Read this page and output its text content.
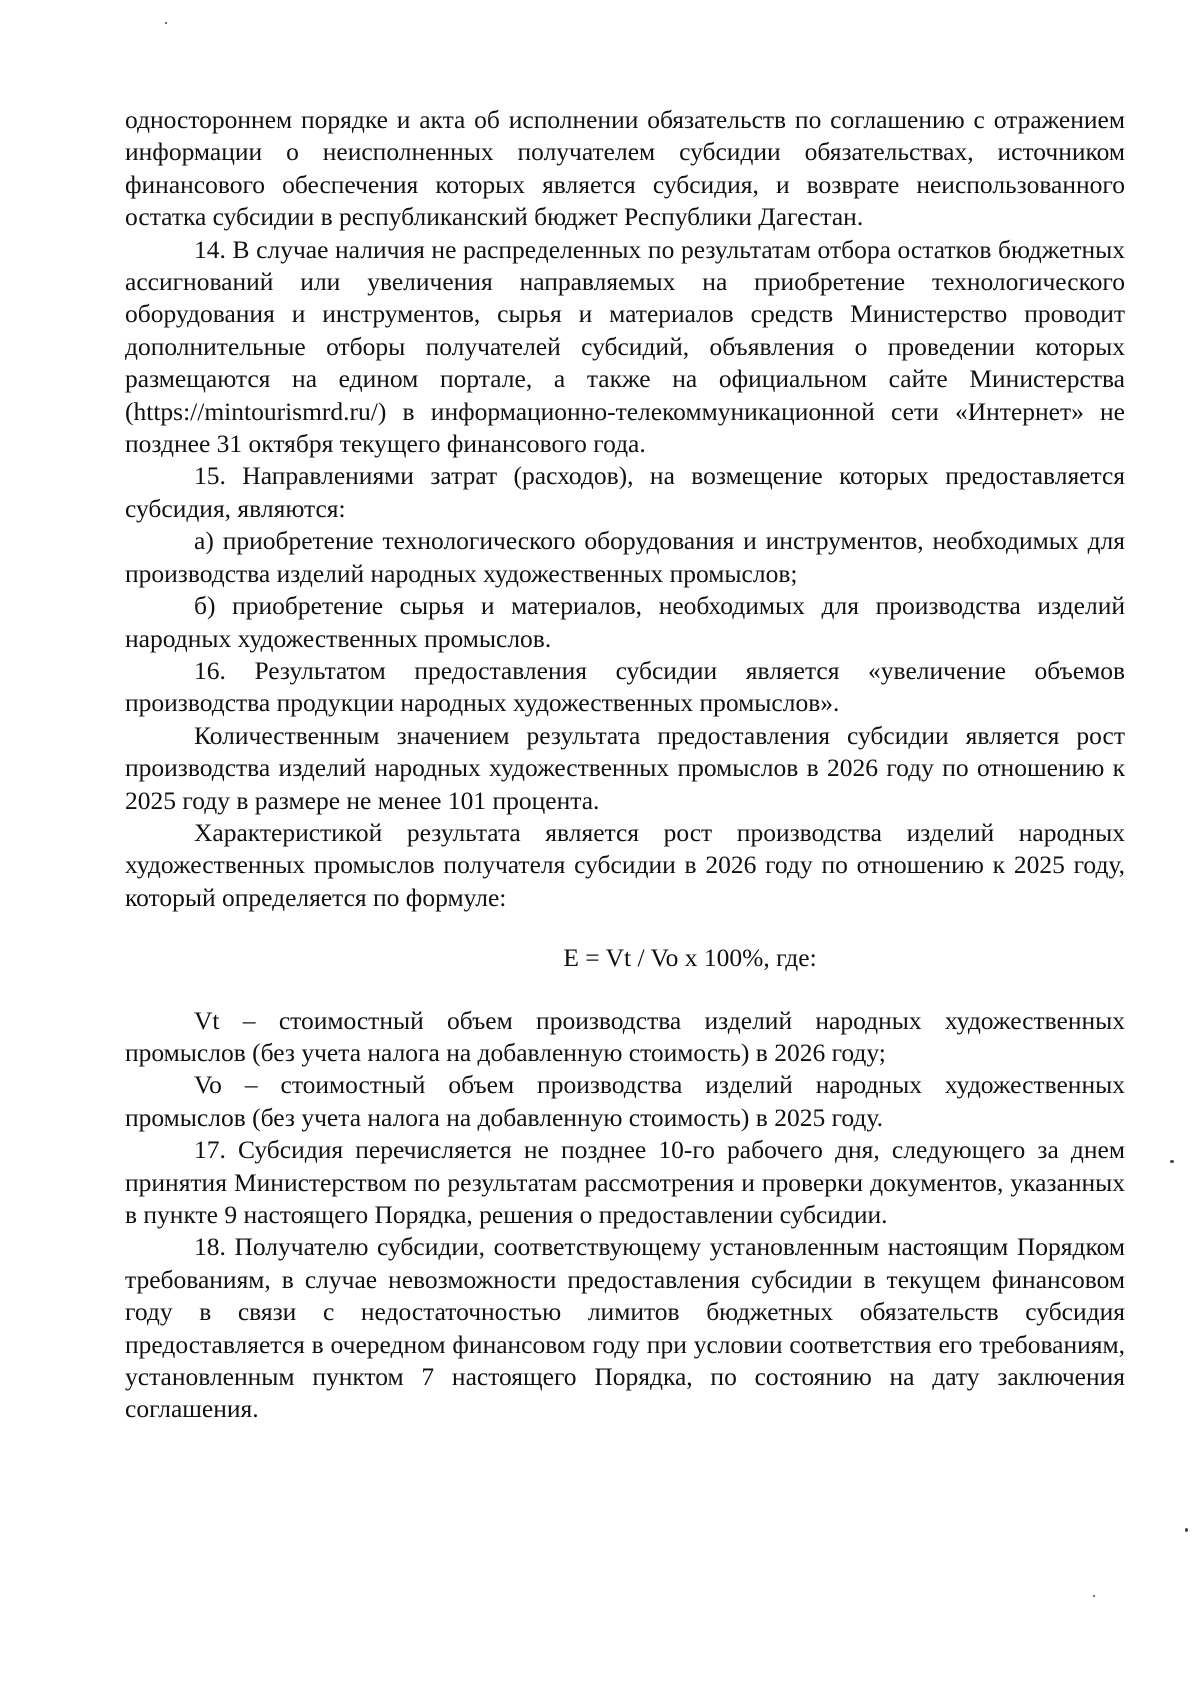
одностороннем порядке и акта об исполнении обязательств по соглашению с отражением информации о неисполненных получателем субсидии обязательствах, источником финансового обеспечения которых является субсидия, и возврате неиспользованного остатка субсидии в республиканский бюджет Республики Дагестан.

14. В случае наличия не распределенных по результатам отбора остатков бюджетных ассигнований или увеличения направляемых на приобретение технологического оборудования и инструментов, сырья и материалов средств Министерство проводит дополнительные отборы получателей субсидий, объявления о проведении которых размещаются на едином портале, а также на официальном сайте Министерства (https://mintourismrd.ru/) в информационно-телекоммуникационной сети «Интернет» не позднее 31 октября текущего финансового года.

15. Направлениями затрат (расходов), на возмещение которых предоставляется субсидия, являются:

а) приобретение технологического оборудования и инструментов, необходимых для производства изделий народных художественных промыслов;

б) приобретение сырья и материалов, необходимых для производства изделий народных художественных промыслов.

16. Результатом предоставления субсидии является «увеличение объемов производства продукции народных художественных промыслов».

Количественным значением результата предоставления субсидии является рост производства изделий народных художественных промыслов в 2026 году по отношению к 2025 году в размере не менее 101 процента.

Характеристикой результата является рост производства изделий народных художественных промыслов получателя субсидии в 2026 году по отношению к 2025 году, который определяется по формуле:

E = Vt / Vo x 100%, где:

Vt – стоимостный объем производства изделий народных художественных промыслов (без учета налога на добавленную стоимость) в 2026 году;

Vo – стоимостный объем производства изделий народных художественных промыслов (без учета налога на добавленную стоимость) в 2025 году.

17. Субсидия перечисляется не позднее 10-го рабочего дня, следующего за днем принятия Министерством по результатам рассмотрения и проверки документов, указанных в пункте 9 настоящего Порядка, решения о предоставлении субсидии.

18. Получателю субсидии, соответствующему установленным настоящим Порядком требованиям, в случае невозможности предоставления субсидии в текущем финансовом году в связи с недостаточностью лимитов бюджетных обязательств субсидия предоставляется в очередном финансовом году при условии соответствия его требованиям, установленным пунктом 7 настоящего Порядка, по состоянию на дату заключения соглашения.
